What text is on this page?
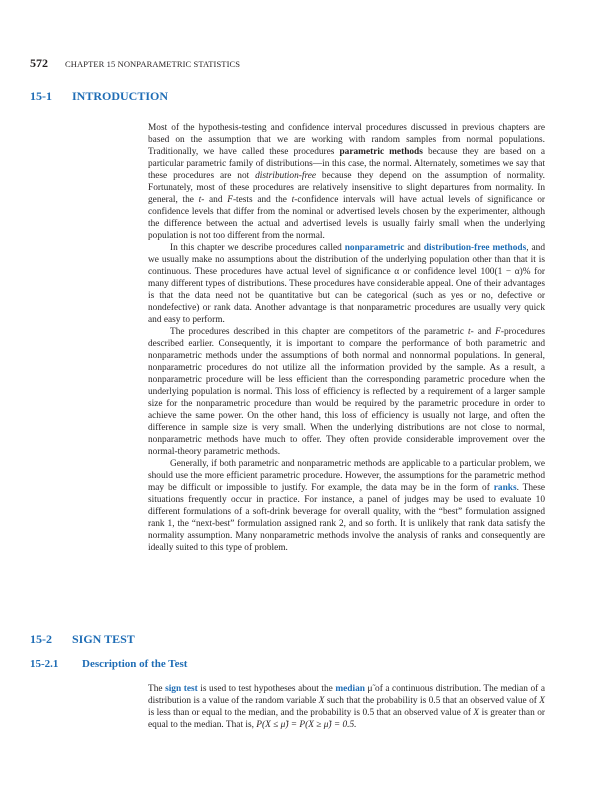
572 CHAPTER 15 NONPARAMETRIC STATISTICS
15-1 INTRODUCTION

Most of the hypothesis-testing and confidence interval procedures discussed in previous chapters are based on the assumption that we are working with random samples from normal populations. Traditionally, we have called these procedures parametric methods because they are based on a particular parametric family of distributions—in this case, the normal. Alternately, sometimes we say that these procedures are not distribution-free because they depend on the assumption of normality. Fortunately, most of these procedures are relatively insensitive to slight departures from normality. In general, the t- and F-tests and the t-confidence intervals will have actual levels of significance or confidence levels that differ from the nominal or advertised levels chosen by the experimenter, although the difference between the actual and advertised levels is usually fairly small when the underlying population is not too different from the normal.

In this chapter we describe procedures called nonparametric and distribution-free methods, and we usually make no assumptions about the distribution of the underlying population other than that it is continuous. These procedures have actual level of significance α or confidence level 100(1 − α)% for many different types of distributions. These procedures have considerable appeal. One of their advantages is that the data need not be quantitative but can be categorical (such as yes or no, defective or nondefective) or rank data. Another advantage is that nonparametric procedures are usually very quick and easy to perform.

The procedures described in this chapter are competitors of the parametric t- and F-procedures described earlier. Consequently, it is important to compare the performance of both parametric and nonparametric methods under the assumptions of both normal and nonnormal populations. In general, nonparametric procedures do not utilize all the information provided by the sample. As a result, a nonparametric procedure will be less efficient than the corresponding parametric procedure when the underlying population is normal. This loss of efficiency is reflected by a requirement of a larger sample size for the nonparametric procedure than would be required by the parametric procedure in order to achieve the same power. On the other hand, this loss of efficiency is usually not large, and often the difference in sample size is very small. When the underlying distributions are not close to normal, nonparametric methods have much to offer. They often provide considerable improvement over the normal-theory parametric methods.

Generally, if both parametric and nonparametric methods are applicable to a particular problem, we should use the more efficient parametric procedure. However, the assumptions for the parametric method may be difficult or impossible to justify. For example, the data may be in the form of ranks. These situations frequently occur in practice. For instance, a panel of judges may be used to evaluate 10 different formulations of a soft-drink beverage for overall quality, with the “best” formulation assigned rank 1, the “next-best” formulation assigned rank 2, and so forth. It is unlikely that rank data satisfy the normality assumption. Many nonparametric methods involve the analysis of ranks and consequently are ideally suited to this type of problem.

15-2 SIGN TEST
15-2.1 Description of the Test

The sign test is used to test hypotheses about the median μ̃ of a continuous distribution. The median of a distribution is a value of the random variable X such that the probability is 0.5 that an observed value of X is less than or equal to the median, and the probability is 0.5 that an observed value of X is greater than or equal to the median. That is, P(X ≤ μ̃) = P(X ≥ μ̃) = 0.5.
